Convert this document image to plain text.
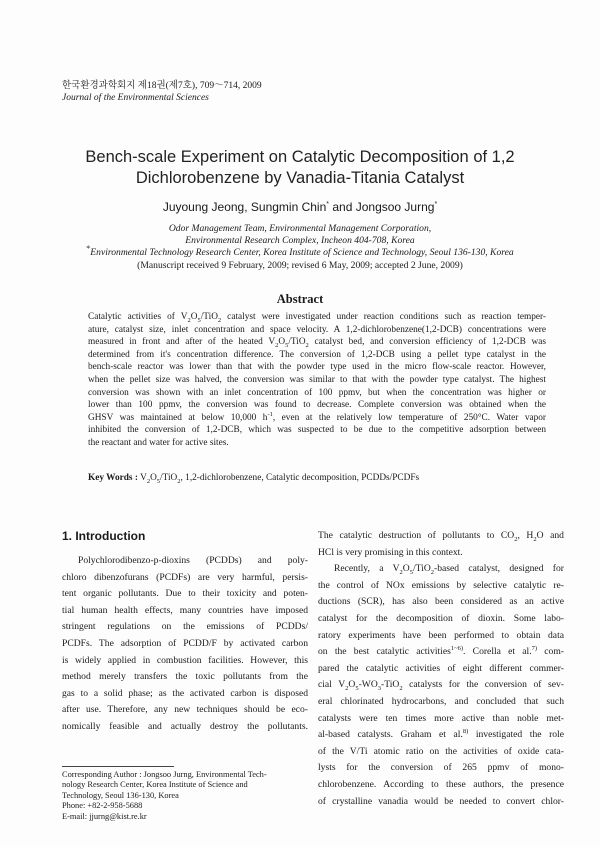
한국환경과학회지 제18권(제7호), 709～714, 2009
Journal of the Environmental Sciences
Bench-scale Experiment on Catalytic Decomposition of 1,2
Dichlorobenzene by Vanadia-Titania Catalyst
Juyoung Jeong, Sungmin Chin* and Jongsoo Jurng*
Odor Management Team, Environmental Management Corporation,
Environmental Research Complex, Incheon 404-708, Korea
*Environmental Technology Research Center, Korea Institute of Science and Technology, Seoul 136-130, Korea
(Manuscript received 9 February, 2009; revised 6 May, 2009; accepted 2 June, 2009)
Abstract
Catalytic activities of $V_2O_5/TiO_2$ catalyst were investigated under reaction conditions such as reaction temper-
ature, catalyst size, inlet concentration and space velocity. A 1,2-dichlorobenzene(1,2-DCB) concentrations were
measured in front and after of the heated $V_2O_5/TiO_2$ catalyst bed, and conversion efficiency of 1,2-DCB was
determined from it's concentration difference. The conversion of 1,2-DCB using a pellet type catalyst in the
bench-scale reactor was lower than that with the powder type used in the micro flow-scale reactor. However,
when the pellet size was halved, the conversion was similar to that with the powder type catalyst. The highest
conversion was shown with an inlet concentration of 100 ppmv, but when the concentration was higher or
lower than 100 ppmv, the conversion was found to decrease. Complete conversion was obtained when the
GHSV was maintained at below 10,000 $h^{-1}$, even at the relatively low temperature of 250°C. Water vapor
inhibited the conversion of 1,2-DCB, which was suspected to be due to the competitive adsorption between
the reactant and water for active sites.
Key Words : $V_2O_5/TiO_2$, 1,2-dichlorobenzene, Catalytic decomposition, PCDDs/PCDFs
1. Introduction
Polychlorodibenzo-p-dioxins (PCDDs) and poly-
chloro dibenzofurans (PCDFs) are very harmful, persis-
tent organic pollutants. Due to their toxicity and poten-
tial human health effects, many countries have imposed
stringent regulations on the emissions of PCDDs/
PCDFs. The adsorption of PCDD/F by activated carbon
is widely applied in combustion facilities. However, this
method merely transfers the toxic pollutants from the
gas to a solid phase; as the activated carbon is disposed
after use. Therefore, any new techniques should be eco-
nomically feasible and actually destroy the pollutants.
The catalytic destruction of pollutants to $CO_2$, $H_2O$ and
HCl is very promising in this context.
Recently, a $V_2O_5/TiO_2$-based catalyst, designed for
the control of NOx emissions by selective catalytic re-
ductions (SCR), has also been considered as an active
catalyst for the decomposition of dioxin. Some labo-
ratory experiments have been performed to obtain data
on the best catalytic activities$^{1\sim 6)}$. Corella et al.$^{7)}$ com-
pared the catalytic activities of eight different commer-
cial $V_2O_5-WO_3-TiO_2$ catalysts for the conversion of sev-
eral chlorinated hydrocarbons, and concluded that such
catalysts were ten times more active than noble met-
al-based catalysts. Graham et al.$^{8)}$ investigated the role
of the V/Ti atomic ratio on the activities of oxide cata-
lysts for the conversion of 265 ppmv of mono-
chlorobenzene. According to these authors, the presence
of crystalline vanadia would be needed to convert chlor-
Corresponding Author : Jongsoo Jurng, Environmental Tech-
nology Research Center, Korea Institute of Science and
Technology, Seoul 136-130, Korea
Phone: +82-2-958-5688
E-mail: jjurng@kist.re.kr
